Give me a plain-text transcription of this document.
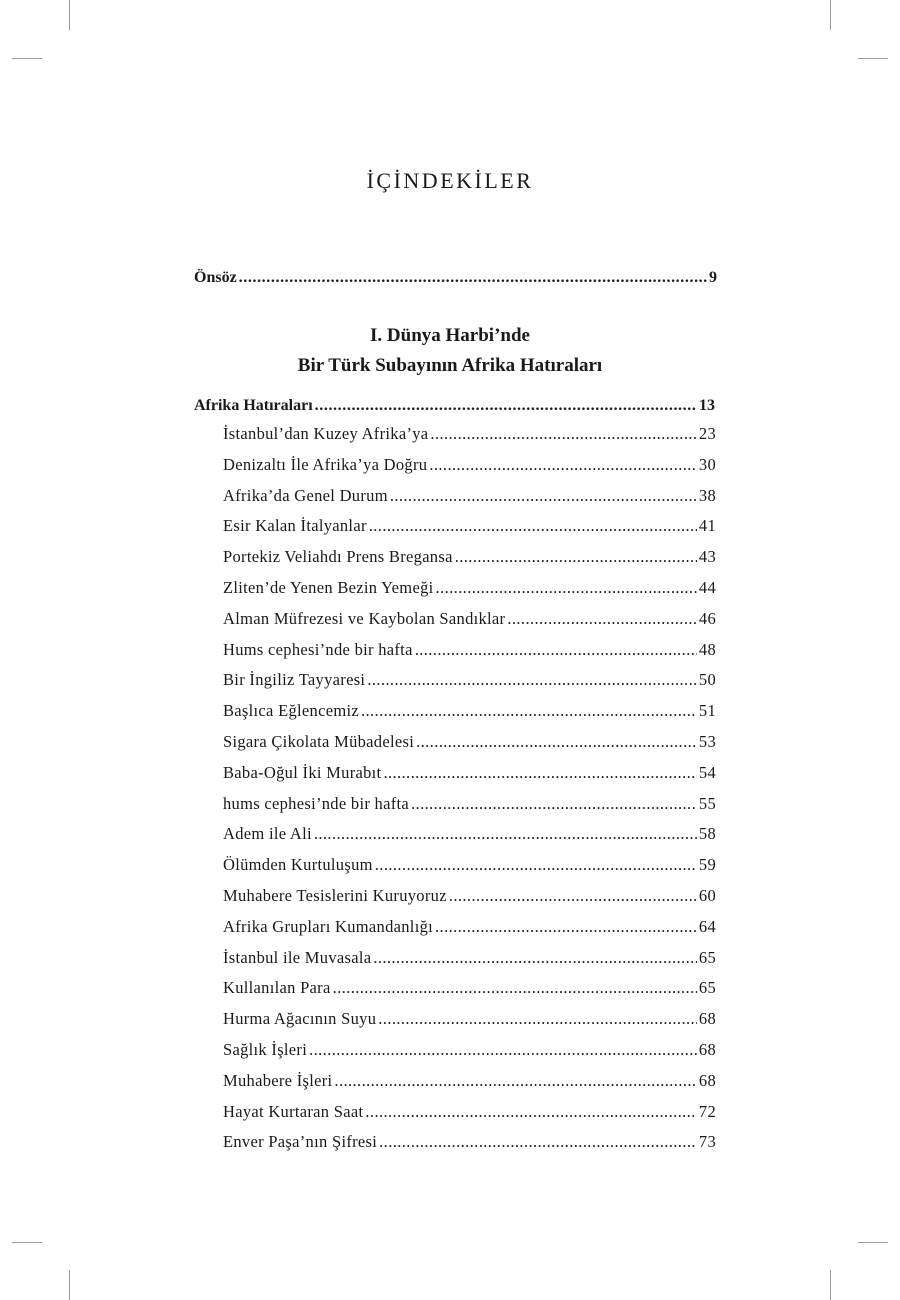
İÇİNDEKİLER
Önsöz .....	9
I. Dünya Harbi’nde
Bir Türk Subayının Afrika Hatıraları
Afrika Hatıraları .....	13
İstanbul’dan Kuzey Afrika’ya .....	23
Denizaltı İle Afrika’ya Doğru .....	30
Afrika’da Genel Durum .....	38
Esir Kalan İtalyanlar .....	41
Portekiz Veliahdı Prens Bregansa .....	43
Zliten’de Yenen Bezin Yemeği .....	44
Alman Müfrezesi ve Kaybolan Sandıklar .....	46
Hums cephesi’nde bir hafta .....	48
Bir İngiliz Tayyaresi .....	50
Başlıca Eğlencemiz .....	51
Sigara Çikolata Mübadelesi .....	53
Baba-Oğul İki Murabıt .....	54
hums cephesi’nde bir hafta .....	55
Adem ile Ali .....	58
Ölümden Kurtuluşum .....	59
Muhabere Tesislerini Kuruyoruz .....	60
Afrika Grupları Kumandanlığı .....	64
İstanbul ile Muvasala .....	65
Kullanılan Para .....	65
Hurma Ağacının Suyu .....	68
Sağlık İşleri .....	68
Muhabere İşleri .....	68
Hayat Kurtaran Saat .....	72
Enver Paşa’nın Şifresi .....	73
